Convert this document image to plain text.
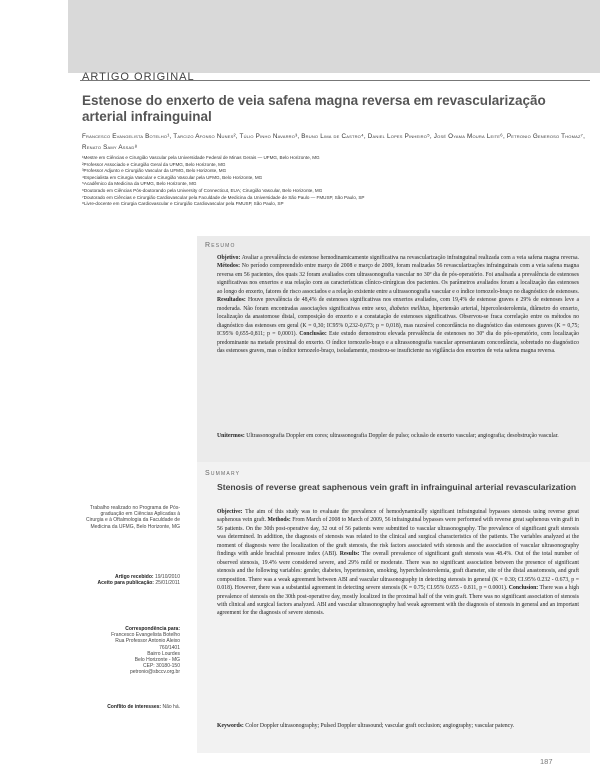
ARTIGO ORIGINAL
Estenose do enxerto de veia safena magna reversa em revascularização arterial infrainguinal
Francesco Evangelista Botelho¹, Tarcizo Afonso Nunes², Túlio Pinho Navarro³, Bruno Lima de Castro⁴, Daniel Lopes Pinheiro⁵, José Oyama Moura Leite⁶, Petronio Generoso Thomaz⁷, Renato Samy Assad⁸
¹Mestre em Ciências e Cirurgião Vascular pela Universidade Federal de Minas Gerais — UFMG, Belo Horizonte, MG
²Professor Associado e Cirurgião Geral da UFMG, Belo Horizonte, MG
³Professor Adjunto e Cirurgião Vascular da UFMG, Belo Horizonte, MG
⁴Especialista em Cirurgia Vascular e Cirurgião Vascular pela UFMG, Belo Horizonte, MG
⁵Acadêmico da Medicina da UFMG, Belo Horizonte, MG
⁶Doutorado em Ciências Pós-doutorando pela University of Connecticut, EUA; Cirurgião Vascular, Belo Horizonte, MG
⁷Doutorado em Ciências e Cirurgião Cardiovascular pela Faculdade de Medicina da Universidade de São Paulo — FMUSP, São Paulo, SP
⁸Livre-docente em Cirurgia Cardiovascular e Cirurgião Cardiovascular pela FMUSP, São Paulo, SP
Resumo
Objetivo: Avaliar a prevalência de estenose hemodinamicamente significativa na revascularização infrainguinal realizada com a veia safena magna reversa. Métodos: No período compreendido entre março de 2008 e março de 2009, foram realizadas 56 revascularizações infrainguinais com a veia safena magna reversa em 56 pacientes, dos quais 32 foram avaliados com ultrassonografia vascular no 30º dia de pós-operatório. Foi analisada a prevalência de estenoses significativas nos enxertos e sua relação com as características clínico-cirúrgicas dos pacientes. Os parâmetros avaliados foram a localização das estenoses ao longo do enxerto, fatores de risco associados e a relação existente entre a ultrassonografia vascular e o índice tornozelo-braço no diagnóstico de estenoses. Resultados: Houve prevalência de 48,4% de estenoses significativas nos enxertos avaliados, com 19,4% de estenose graves e 29% de estenoses leve a moderada. Não foram encontradas associações significativas entre sexo, diabetes mellitus, hipertensão arterial, hipercolesterolemia, diâmetro do enxerto, localização da anastomose distal, composição do enxerto e a constatação de estenoses significativas. Observou-se fraca correlação entre os métodos no diagnóstico das estenoses em geral (K = 0,30; IC95% 0,232-0,673; p = 0,018), mas razoável concordância no diagnóstico das estenoses graves (K = 0,75; IC95% 0,655-0,811; p = 0,0001). Conclusão: Este estudo demonstrou elevada prevalência de estenoses no 30º dia do pós-operatório, com localização predominante na metade proximal do enxerto. O índice tornozelo-braço e a ultrassonografia vascular apresentaram concordância, sobretudo no diagnóstico das estenoses graves, mas o índice tornozelo-braço, isoladamente, mostrou-se insuficiente na vigilância dos enxertos de veia safena magna reversa.
Unitermos: Ultrassonografia Doppler em cores; ultrassonografia Doppler de pulso; oclusão de enxerto vascular; angiografia; desobstrução vascular.
Summary
Stenosis of reverse great saphenous vein graft in infrainguinal arterial revascularization
Objective: The aim of this study was to evaluate the prevalence of hemodynamically significant infrainguinal bypasses stenosis using reverse great saphenous vein graft. Methods: From March of 2008 to March of 2009, 56 infrainguinal bypasses were performed with reverse great saphenous vein graft in 56 patients. On the 30th post-operative day, 32 out of 56 patients were submitted to vascular ultrasonography. The prevalence of significant graft stenosis was determined. In addition, the diagnosis of stenosis was related to the clinical and surgical characteristics of the patients. The variables analyzed at the moment of diagnosis were the localization of the graft stenosis, the risk factors associated with stenosis and the association of vascular ultrasonography findings with ankle brachial pressure index (ABI). Results: The overall prevalence of significant graft stenosis was 48.4%. Out of the total number of observed stenosis, 19.4% were considered severe, and 29% mild or moderate. There was no significant association between the presence of significant stenosis and the following variables: gender, diabetes, hypertension, smoking, hypercholesterolemia, graft diameter, site of the distal anastomosis, and graft composition. There was a weak agreement between ABI and vascular ultrasonography in detecting stenosis in general (K = 0.30; CI.95% 0.232 - 0.673, p = 0.018). However, there was a substantial agreement in detecting severe stenosis (K = 0.75; CI.95% 0.655 - 0.811, p = 0.0001). Conclusion: There was a high prevalence of stenosis on the 30th post-operative day, mostly localized in the proximal half of the vein graft. There was no significant association of stenosis with clinical and surgical factors analyzed. ABI and vascular ultrasonography had weak agreement with the diagnosis of stenosis in general and an important agreement for the diagnosis of severe stenosis.
Keywords: Color Doppler ultrasonography; Pulsed Doppler ultrasound; vascular graft occlusion; angiography; vascular patency.
Trabalho realizado no Programa de Pós-graduação em Ciências Aplicadas à Cirurgia e à Oftalmologia da Faculdade de Medicina da UFMG, Belo Horizonte, MG
Artigo recebido: 19/10/2010
Aceito para publicação: 25/01/2011
Correspondência para:
Francesco Evangelista Botelho
Rua Professor Antonio Aleixo
760/1401
Bairro Lourdes
Belo Horizonte - MG
CEP: 30180-150
petronio@sbccv.org.br
Conflito de interesses: Não há.
187
